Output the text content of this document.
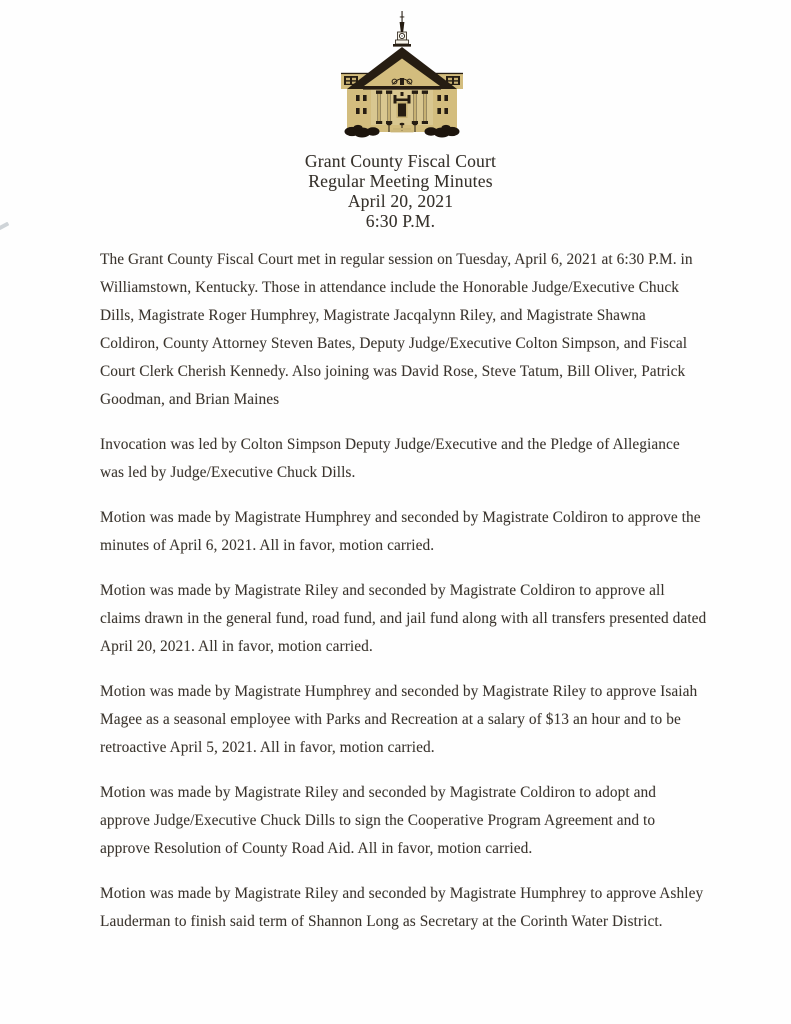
Grant County Fiscal Court
Regular Meeting Minutes
April 20, 2021
6:30 P.M.

The Grant County Fiscal Court met in regular session on Tuesday, April 6, 2021 at 6:30 P.M. in Williamstown, Kentucky. Those in attendance include the Honorable Judge/Executive Chuck Dills, Magistrate Roger Humphrey, Magistrate Jacqalynn Riley, and Magistrate Shawna Coldiron, County Attorney Steven Bates, Deputy Judge/Executive Colton Simpson, and Fiscal Court Clerk Cherish Kennedy. Also joining was David Rose, Steve Tatum, Bill Oliver, Patrick Goodman, and Brian Maines

Invocation was led by Colton Simpson Deputy Judge/Executive and the Pledge of Allegiance was led by Judge/Executive Chuck Dills.

Motion was made by Magistrate Humphrey and seconded by Magistrate Coldiron to approve the minutes of April 6, 2021. All in favor, motion carried.

Motion was made by Magistrate Riley and seconded by Magistrate Coldiron to approve all claims drawn in the general fund, road fund, and jail fund along with all transfers presented dated April 20, 2021. All in favor, motion carried.

Motion was made by Magistrate Humphrey and seconded by Magistrate Riley to approve Isaiah Magee as a seasonal employee with Parks and Recreation at a salary of $13 an hour and to be retroactive April 5, 2021. All in favor, motion carried.

Motion was made by Magistrate Riley and seconded by Magistrate Coldiron to adopt and approve Judge/Executive Chuck Dills to sign the Cooperative Program Agreement and to approve Resolution of County Road Aid. All in favor, motion carried.

Motion was made by Magistrate Riley and seconded by Magistrate Humphrey to approve Ashley Lauderman to finish said term of Shannon Long as Secretary at the Corinth Water District.
